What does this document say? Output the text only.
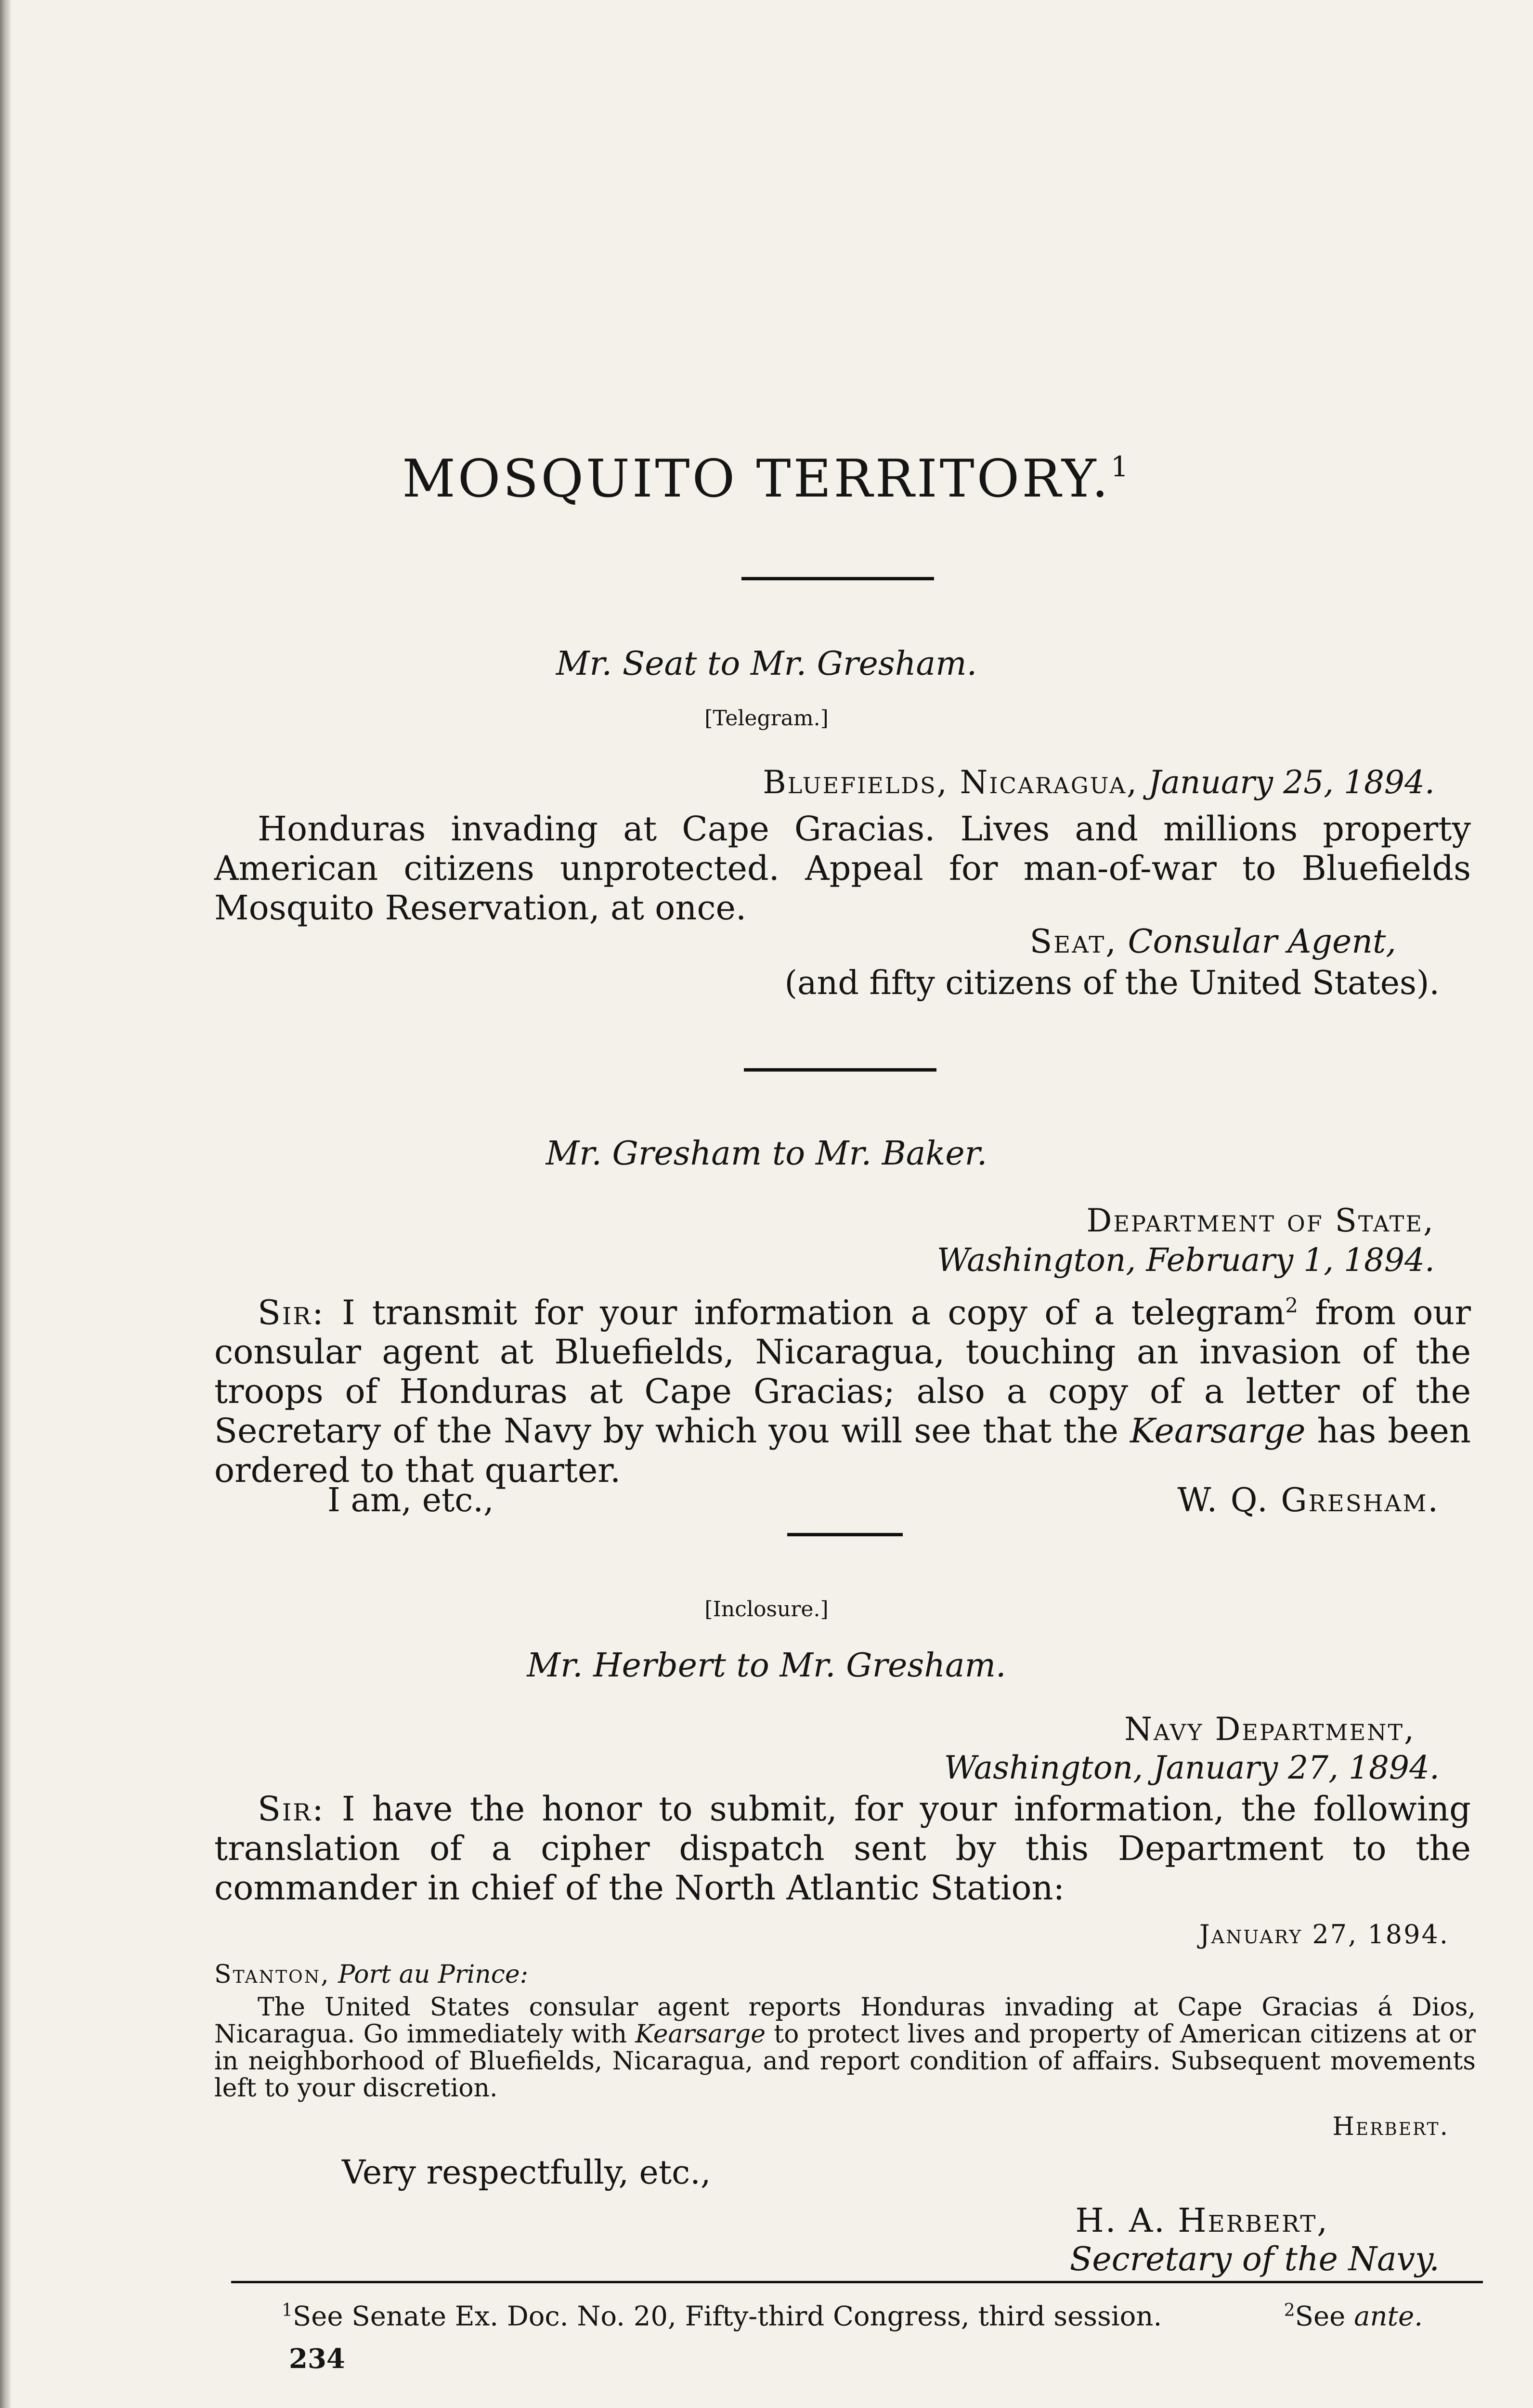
MOSQUITO TERRITORY.$^1$
Mr. Seat to Mr. Gresham.
[Telegram.]
Bluefields, Nicaragua, January 25, 1894.

Honduras invading at Cape Gracias. Lives and millions property American citizens unprotected. Appeal for man-of-war to Bluefields Mosquito Reservation, at once.

Seat, Consular Agent,
(and fifty citizens of the United States).
Mr. Gresham to Mr. Baker.
Department of State,
Washington, February 1, 1894.

Sir: I transmit for your information a copy of a telegram$^2$ from our consular agent at Bluefields, Nicaragua, touching an invasion of the troops of Honduras at Cape Gracias; also a copy of a letter of the Secretary of the Navy by which you will see that the Kearsarge has been ordered to that quarter.

I am, etc.,	W. Q. Gresham.
[Inclosure.]
Mr. Herbert to Mr. Gresham.
Navy Department,
Washington, January 27, 1894.

Sir: I have the honor to submit, for your information, the following translation of a cipher dispatch sent by this Department to the commander in chief of the North Atlantic Station:

January 27, 1894.
Stanton, Port au Prince:

The United States consular agent reports Honduras invading at Cape Gracias á Dios, Nicaragua. Go immediately with Kearsarge to protect lives and property of American citizens at or in neighborhood of Bluefields, Nicaragua, and report condition of affairs. Subsequent movements left to your discretion.

Herbert.
Very respectfully, etc.,
H. A. Herbert,
Secretary of the Navy.
$^1$See Senate Ex. Doc. No. 20, Fifty-third Congress, third session.	$^2$See ante.
234
